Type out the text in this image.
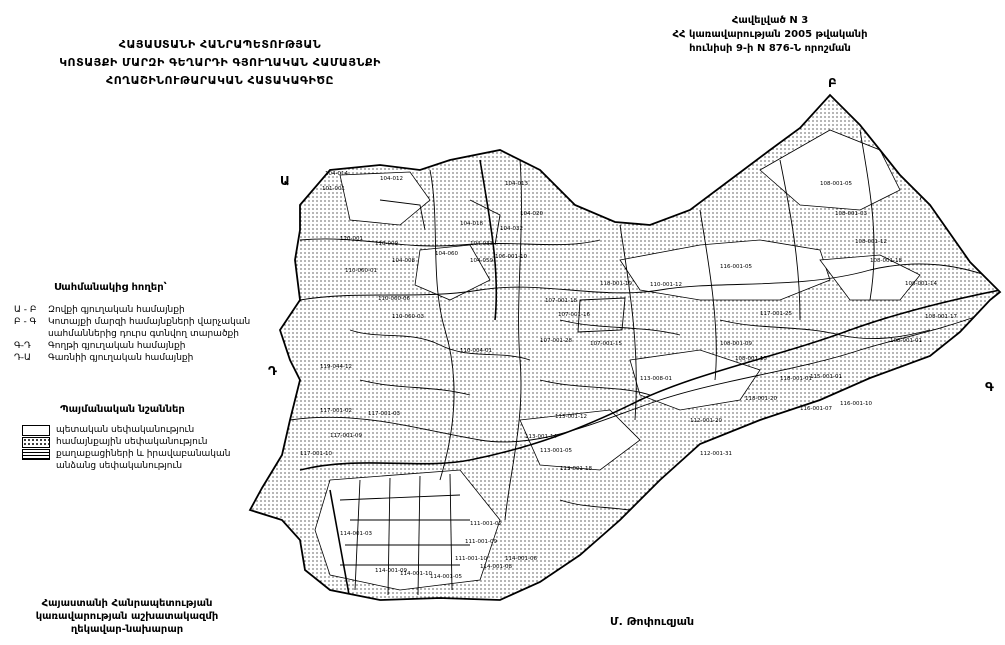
104-014
104-012
101-001
104-013
104-020
104-018
104-032
104-033
120-001
110-009
104-008
104-060
104-059
110-060-01
106-001-10
110-060-06
110-060-03
107-001-18
107-001-16
107-001-15
107-001-28
108-001-05
108-001-03
108-001-12
108-001-18
108-001-14
108-001-17
108-001-01
108-001-09
108-001-15
115-001-01
116-001-10
116-001-07
117-001-02
117-001-09
117-001-10
117-001-03
110-004-01
110-001-12
113-001-12
113-001-14
113-001-05
113-001-18
112-001-20
112-001-31
118-001-19
117-001-25
111-001-02
111-001-09
111-001-10
114-001-03
114-001-09
114-001-10
114-001-05
114-001-08
114-001-06
118-001-01
118-001-20
119-044-12
113-008-01
116-001-05
Ա
Բ
Գ
Դ
ՀԱՅԱՍՏԱՆԻ ՀԱՆՐԱՊԵՏՈՒԹՅԱՆ
ԿՈՏԱՅՔԻ ՄԱՐԶԻ ԳԵՂԱՐԴԻ ԳՅՈՒՂԱԿԱՆ ՀԱՄԱՅՆՔԻ
ՀՈՂԱՇԻՆՈՒԹԱՐԱԿԱՆ ՀԱՏԱԿԱԳԻԾԸ
Հավելված N 3
ՀՀ կառավարության 2005 թվականի
հունիսի 9-ի N 876-Ն որոշման
Սահմանակից հողեր՝
Ա - Բ	Զովքի գյուղական համայնքի
Բ - Գ	Կոտայքի մարզի համայնքների վարչական
սահմաններից դուրս գտնվող տարածքի
Գ-Դ	Գողթի գյուղական համայնքի
Դ-Ա	Գառնիի գյուղական համայնքի
Պայմանական նշաններ
պետական սեփականություն
համայնքային սեփականություն
քաղաքացիների և իրավաբանական
անձանց սեփականություն
Հայաստանի Հանրապետության
կառավարության աշխատակազմի
ղեկավար-նախարար
Մ. Թոփուզյան
